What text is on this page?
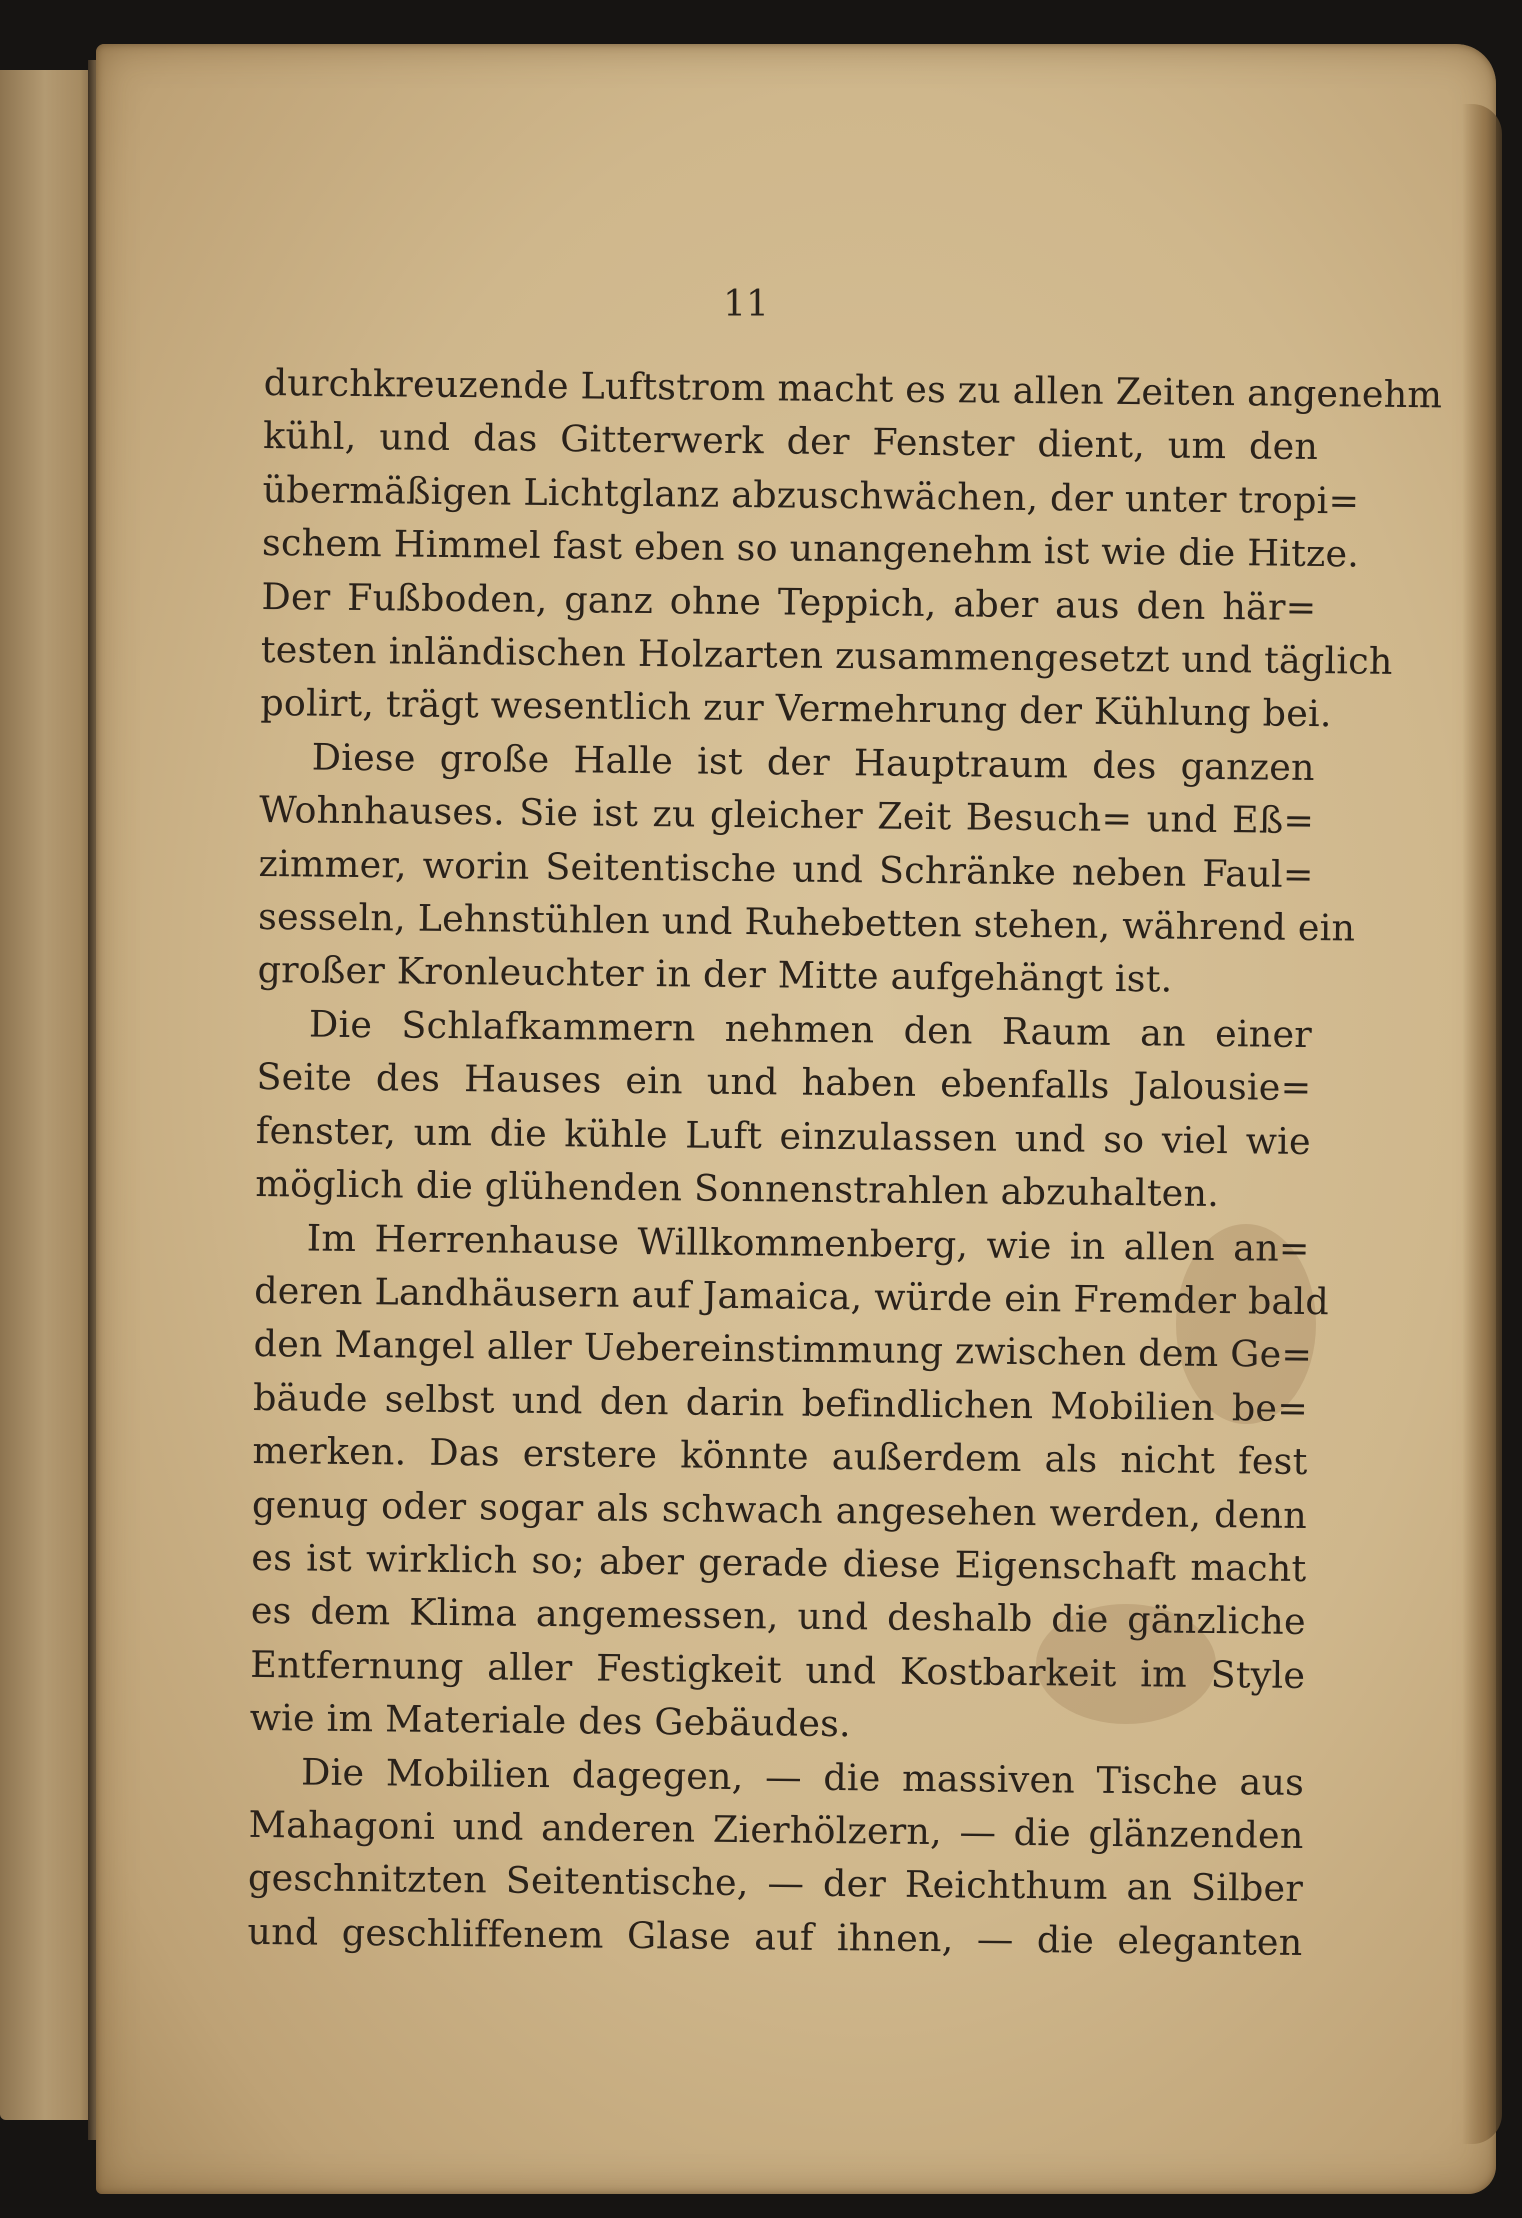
11
durchkreuzende Luftstrom macht es zu allen Zeiten angenehm
kühl, und das Gitterwerk der Fenster dient, um den
übermäßigen Lichtglanz abzuschwächen, der unter tropi=
schem Himmel fast eben so unangenehm ist wie die Hitze.
Der Fußboden, ganz ohne Teppich, aber aus den här=
testen inländischen Holzarten zusammengesetzt und täglich
polirt, trägt wesentlich zur Vermehrung der Kühlung bei.
Diese große Halle ist der Hauptraum des ganzen
Wohnhauses. Sie ist zu gleicher Zeit Besuch= und Eß=
zimmer, worin Seitentische und Schränke neben Faul=
sesseln, Lehnstühlen und Ruhebetten stehen, während ein
großer Kronleuchter in der Mitte aufgehängt ist.
Die Schlafkammern nehmen den Raum an einer
Seite des Hauses ein und haben ebenfalls Jalousie=
fenster, um die kühle Luft einzulassen und so viel wie
möglich die glühenden Sonnenstrahlen abzuhalten.
Im Herrenhause Willkommenberg, wie in allen an=
deren Landhäusern auf Jamaica, würde ein Fremder bald
den Mangel aller Uebereinstimmung zwischen dem Ge=
bäude selbst und den darin befindlichen Mobilien be=
merken. Das erstere könnte außerdem als nicht fest
genug oder sogar als schwach angesehen werden, denn
es ist wirklich so; aber gerade diese Eigenschaft macht
es dem Klima angemessen, und deshalb die gänzliche
Entfernung aller Festigkeit und Kostbarkeit im Style
wie im Materiale des Gebäudes.
Die Mobilien dagegen, — die massiven Tische aus
Mahagoni und anderen Zierhölzern, — die glänzenden
geschnitzten Seitentische, — der Reichthum an Silber
und geschliffenem Glase auf ihnen, — die eleganten
